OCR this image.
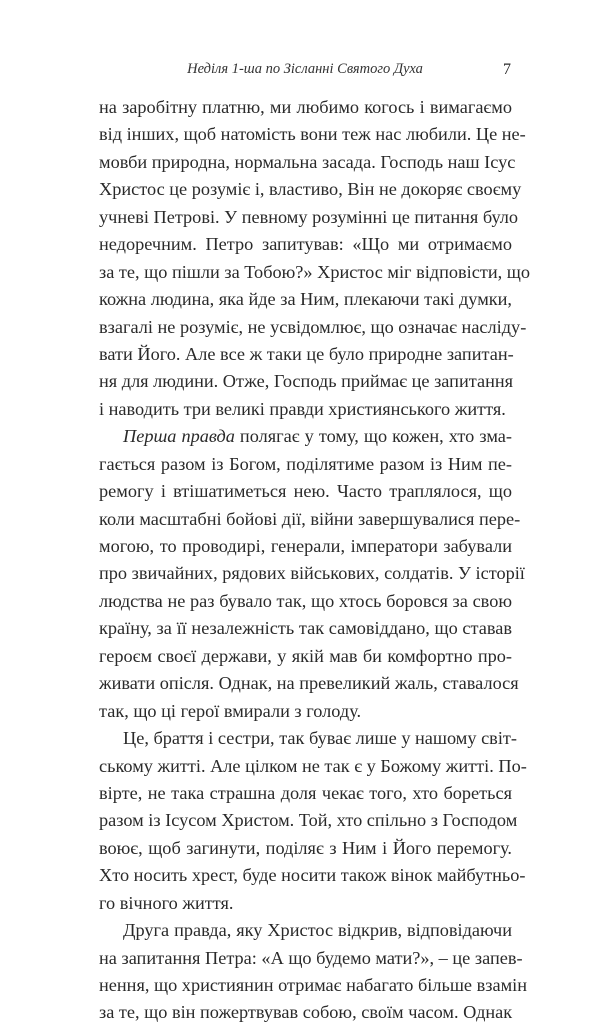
Неділя 1-ша по Зісланні Святого Духа	7
на заробітну платню, ми любимо когось і вимагаємо
від інших, щоб натомість вони теж нас любили. Це не-
мовби природна, нормальна засада. Господь наш Ісус
Христос це розуміє і, властиво, Він не докоряє своєму
учневі Петрові. У певному розумінні це питання було
недоречним. Петро запитував: «Що ми отримаємо
за те, що пішли за Тобою?» Христос міг відповісти, що
кожна людина, яка йде за Ним, плекаючи такі думки,
взагалі не розуміє, не усвідомлює, що означає насліду-
вати Його. Але все ж таки це було природне запитан-
ня для людини. Отже, Господь приймає це запитання
і наводить три великі правди християнського життя.
Перша правда полягає у тому, що кожен, хто зма-
гається разом із Богом, поділятиме разом із Ним пе-
ремогу і втішатиметься нею. Часто траплялося, що
коли масштабні бойові дії, війни завершувалися пере-
могою, то проводирі, генерали, імператори забували
про звичайних, рядових військових, солдатів. У історії
людства не раз бувало так, що хтось боровся за свою
країну, за її незалежність так самовіддано, що ставав
героєм своєї держави, у якій мав би комфортно про-
живати опісля. Однак, на превеликий жаль, ставалося
так, що ці герої вмирали з голоду.
Це, браття і сестри, так буває лише у нашому світ-
ському житті. Але цілком не так є у Божому житті. По-
вірте, не така страшна доля чекає того, хто бореться
разом із Ісусом Христом. Той, хто спільно з Господом
воює, щоб загинути, поділяє з Ним і Його перемогу.
Хто носить хрест, буде носити також вінок майбутньо-
го вічного життя.
Друга правда, яку Христос відкрив, відповідаючи
на запитання Петра: «А що будемо мати?», – це запев-
нення, що християнин отримає набагато більше взамін
за те, що він пожертвував собою, своїм часом. Однак
